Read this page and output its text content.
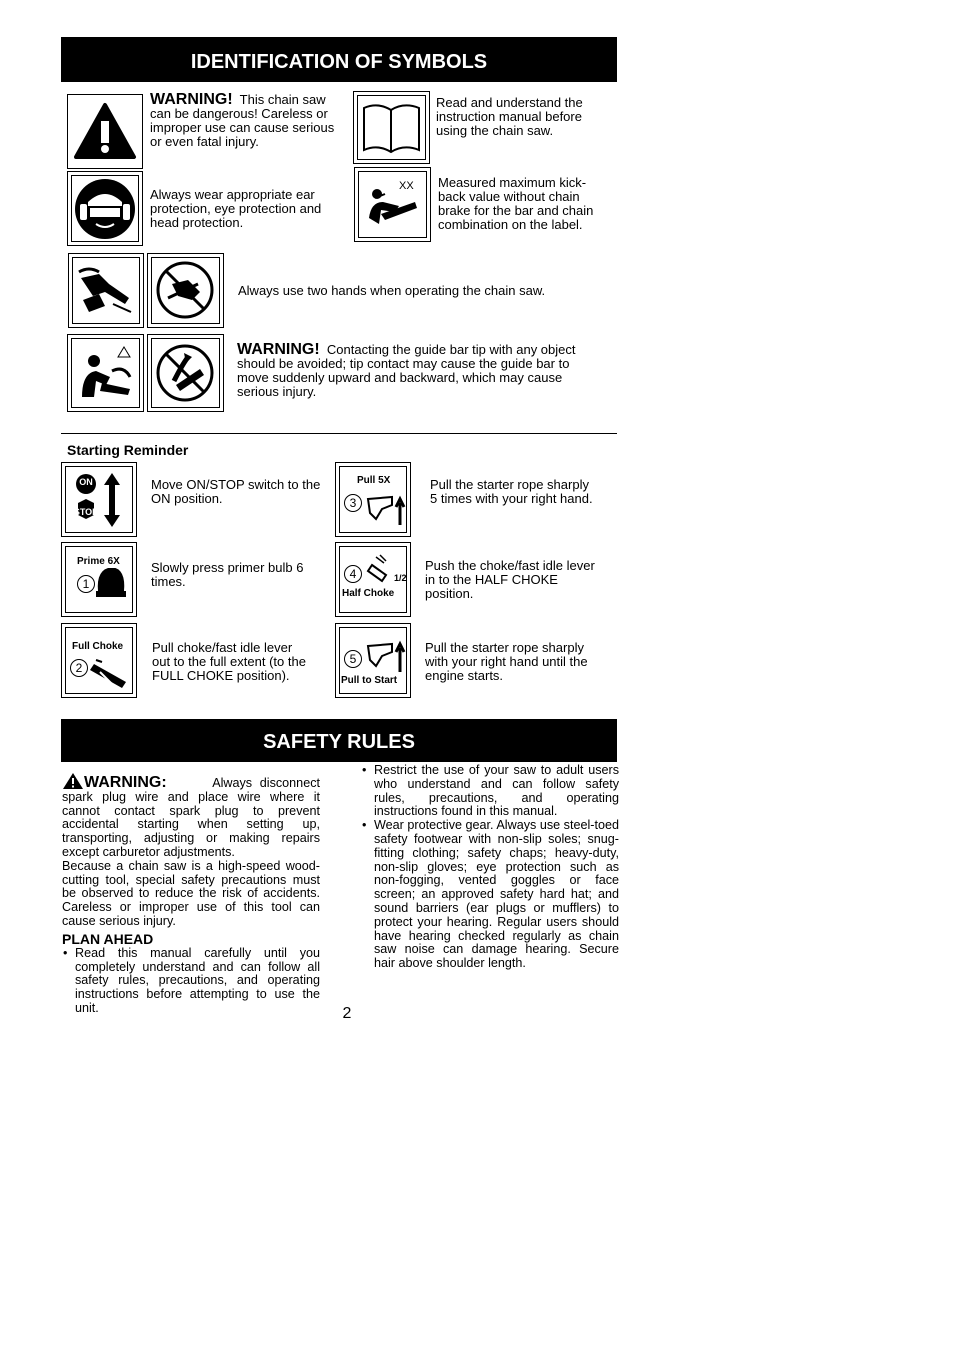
IDENTIFICATION OF SYMBOLS
WARNING! This chain saw can be dangerous! Careless or improper use can cause serious or even fatal injury.
Read and understand the instruction manual before using the chain saw.
Always wear appropriate ear protection, eye protection and head protection.
XX Measured maximum kick-back value without chain brake for the bar and chain combination on the label.
Always use two hands when operating the chain saw.
WARNING! Contacting the guide bar tip with any object should be avoided; tip contact may cause the guide bar to move suddenly upward and backward, which may cause serious injury.
Starting Reminder
ON
STOP
Move ON/STOP switch to the ON position.
Prime 6X
1
Slowly press primer bulb 6 times.
Full Choke
2
Pull choke/fast idle lever out to the full extent (to the FULL CHOKE position).
Pull 5X
3
Pull the starter rope sharply 5 times with your right hand.
1/2
4
Half Choke
Push the choke/fast idle lever in to the HALF CHOKE position.
5
Pull to Start
Pull the starter rope sharply with your right hand until the engine starts.
SAFETY RULES
WARNING:	Always disconnect spark plug wire and place wire where it cannot contact spark plug to prevent accidental starting when setting up, transporting, adjusting or making repairs except carburetor adjustments.
Because a chain saw is a high-speed wood-cutting tool, special safety precautions must be observed to reduce the risk of accidents. Careless or improper use of this tool can cause serious injury.
PLAN AHEAD

• Read this manual carefully until you completely understand and can follow all safety rules, precautions, and operating instructions before attempting to use the unit.

• Restrict the use of your saw to adult users who understand and can follow safety rules, precautions, and operating instructions found in this manual.

• Wear protective gear. Always use steel-toed safety footwear with non-slip soles; snug-fitting clothing; safety chaps; heavy-duty, non-slip gloves; eye protection such as non-fogging, vented goggles or face screen; an approved safety hard hat; and sound barriers (ear plugs or mufflers) to protect your hearing. Regular users should have hearing checked regularly as chain saw noise can damage hearing. Secure hair above shoulder length.

2
